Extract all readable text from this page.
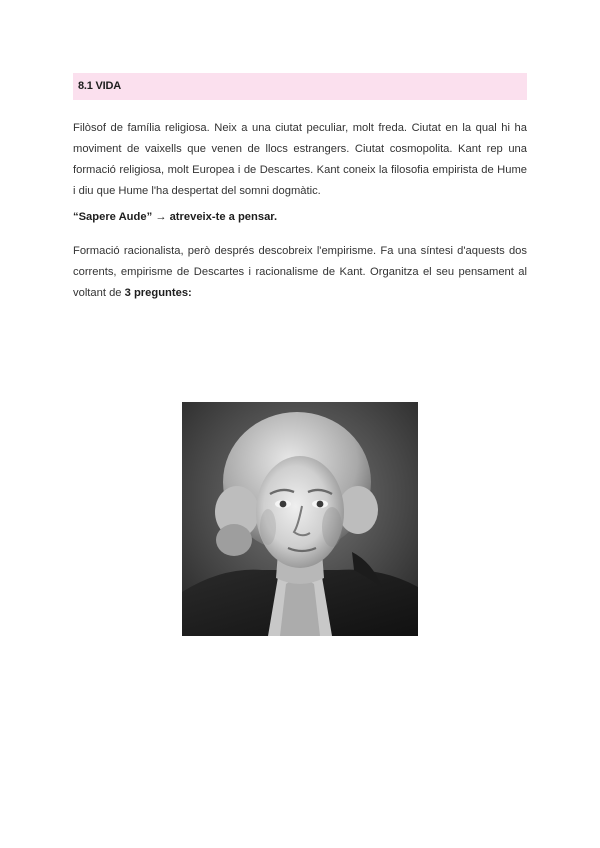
8.1 VIDA

Filòsof de família religiosa. Neix a una ciutat peculiar, molt freda. Ciutat en la qual hi ha moviment de vaixells que venen de llocs estrangers. Ciutat cosmopolita. Kant rep una formació religiosa, molt Europea i de Descartes. Kant coneix la filosofia empirista de Hume i diu que Hume l'ha despertat del somni dogmàtic.

“Sapere Aude” → atreveix-te a pensar.

Formació racionalista, però després descobreix l'empirisme. Fa una síntesi d'aquests dos corrents, empirisme de Descartes i racionalisme de Kant. Organitza el seu pensament al voltant de 3 preguntes:
